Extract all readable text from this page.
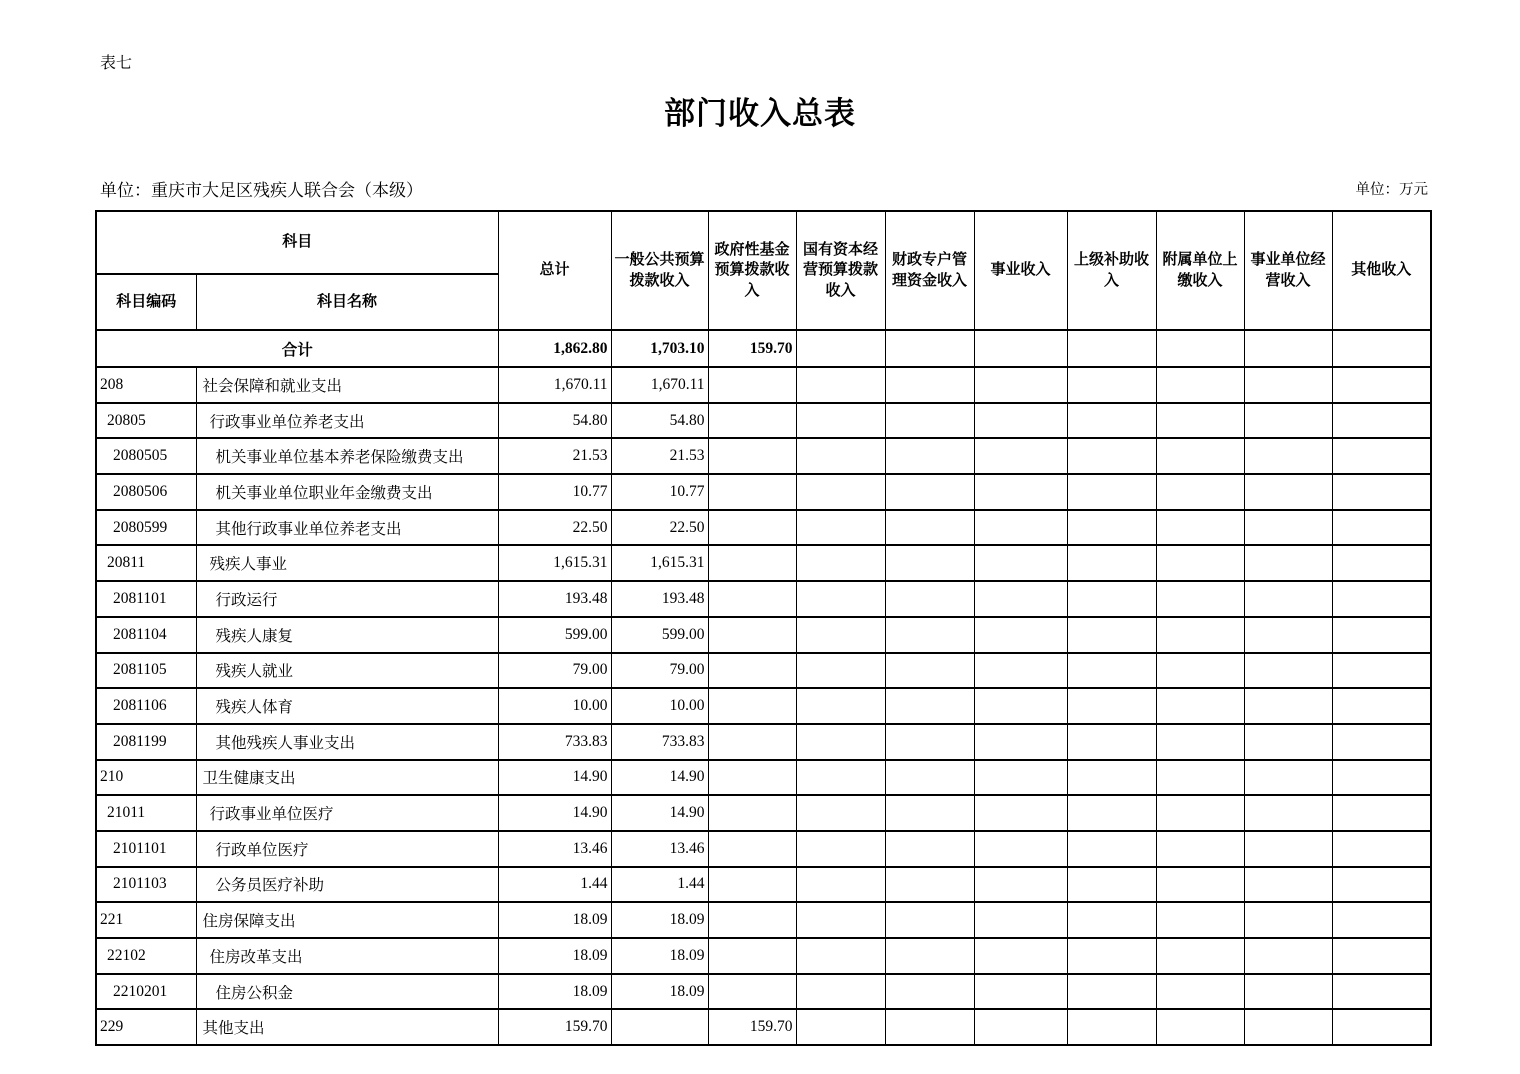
表七
部门收入总表
单位：重庆市大足区残疾人联合会（本级）	单位：万元
科目		总计	一般公共预算拨款收入	政府性基金预算拨款收入	国有资本经营预算拨款收入	财政专户管理资金收入	事业收入	上级补助收入	附属单位上缴收入	事业单位经营收入	其他收入
科目编码	科目名称										
合计		1,862.80	1,703.10	159.70							
208	社会保障和就业支出	1,670.11	1,670.11								
20805	行政事业单位养老支出	54.80	54.80								
2080505	机关事业单位基本养老保险缴费支出	21.53	21.53								
2080506	机关事业单位职业年金缴费支出	10.77	10.77								
2080599	其他行政事业单位养老支出	22.50	22.50								
20811	残疾人事业	1,615.31	1,615.31								
2081101	行政运行	193.48	193.48								
2081104	残疾人康复	599.00	599.00								
2081105	残疾人就业	79.00	79.00								
2081106	残疾人体育	10.00	10.00								
2081199	其他残疾人事业支出	733.83	733.83								
210	卫生健康支出	14.90	14.90								
21011	行政事业单位医疗	14.90	14.90								
2101101	行政单位医疗	13.46	13.46								
2101103	公务员医疗补助	1.44	1.44								
221	住房保障支出	18.09	18.09								
22102	住房改革支出	18.09	18.09								
2210201	住房公积金	18.09	18.09								
229	其他支出	159.70		159.70							
